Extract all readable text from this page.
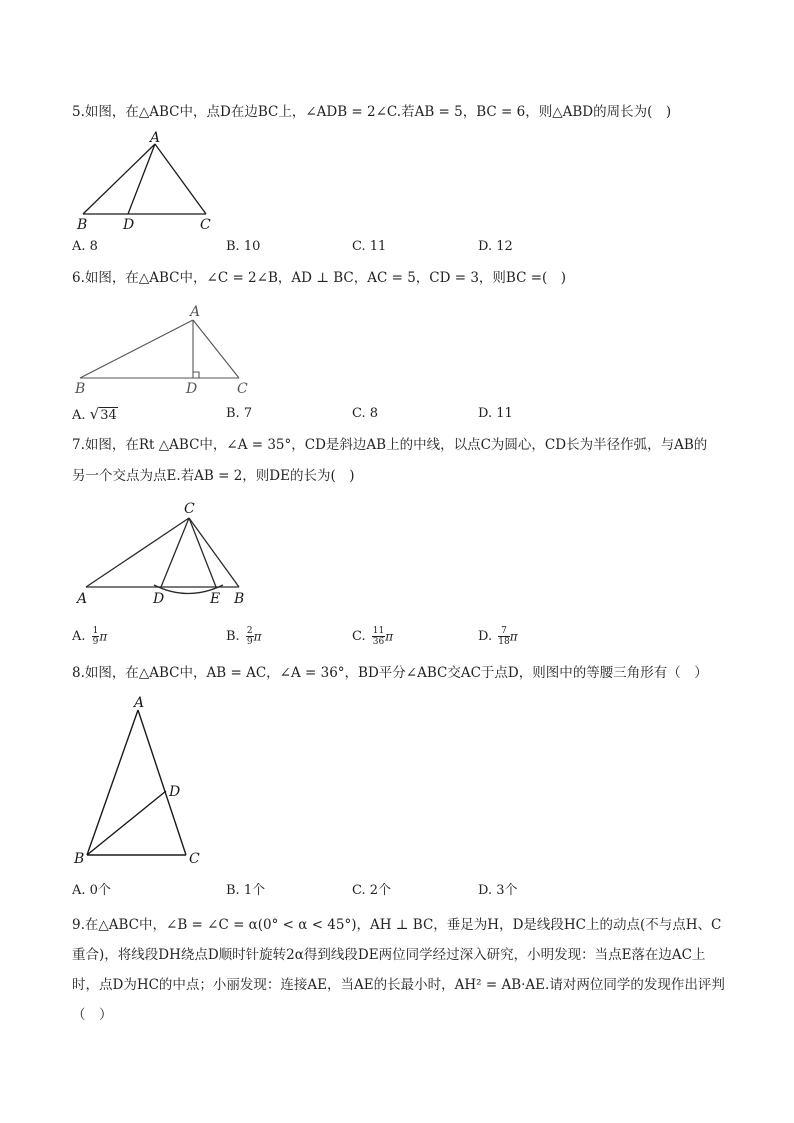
5.如图，在△ABC中，点D在边BC上，∠ADB = 2∠C.若AB = 5，BC = 6，则△ABD的周长为(　)
A
B	D	C
A. 8	B. 10	C. 11	D. 12
6.如图，在△ABC中，∠C = 2∠B，AD ⊥ BC，AC = 5，CD = 3，则BC =(　)
A
B	D	C
A. √34	B. 7	C. 8	D. 11
7.如图，在Rt △ABC中，∠A = 35°，CD是斜边AB上的中线，以点C为圆心，CD长为半径作弧，与AB的
另一个交点为点E.若AB = 2，则DE的长为(　)
C
A	D	E B
A. $\frac{1}{9}$ π	B. $\frac{2}{9}$ π	C. $\frac{11}{36}$ π	D. $\frac{7}{18}$ π
8.如图，在△ABC中，AB = AC，∠A = 36°，BD平分∠ABC交AC于点D，则图中的等腰三角形有（　）
A
D
B	C
A. 0个	B. 1个	C. 2个	D. 3个
9.在△ABC中，∠B = ∠C = α(0° < α < 45°)，AH ⊥ BC，垂足为H，D是线段HC上的动点(不与点H、C重合)，将线段DH绕点D顺时针旋转2α得到线段DE两位同学经过深入研究，小明发现：当点E落在边AC上时，点D为HC的中点；小丽发现：连接AE，当AE的长最小时，AH² = AB·AE.请对两位同学的发现作出评判（　）
